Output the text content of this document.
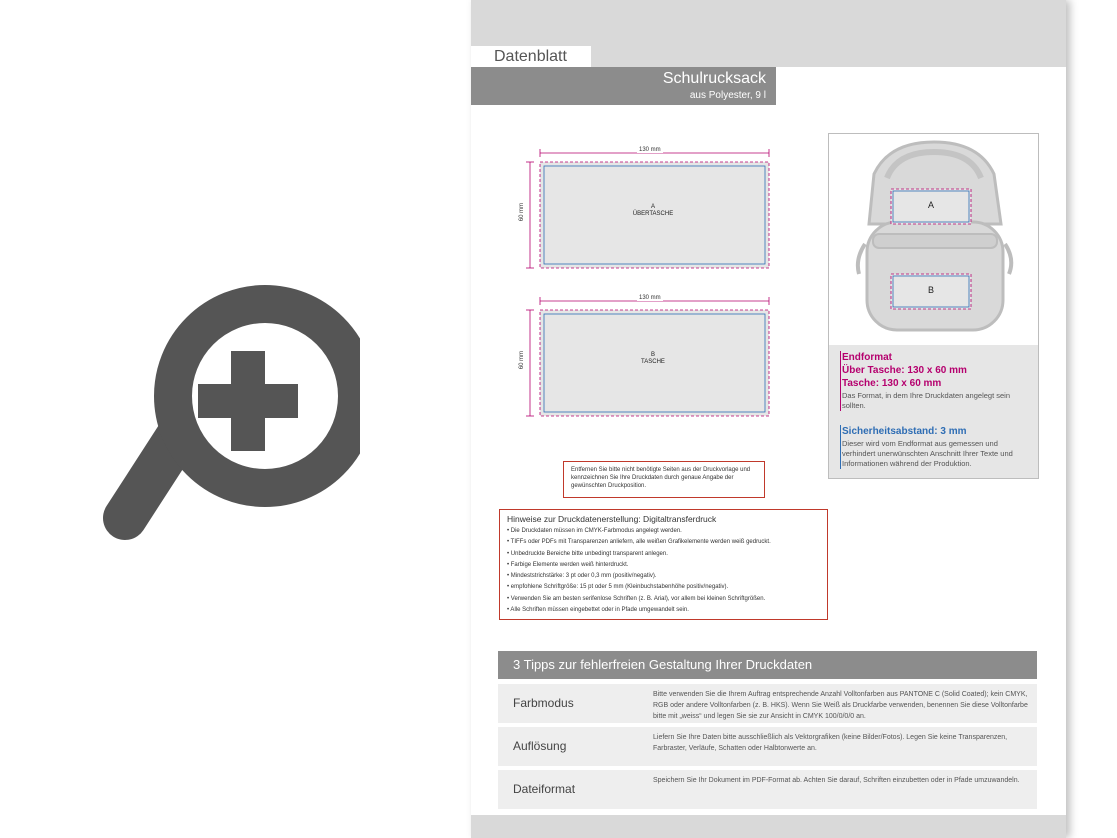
Datenblatt
Schulrucksack
aus Polyester, 9 l
130 mm
60 mm	A
ÜBERTASCHE
130 mm
60 mm	B
TASCHE
A
B
Endformat
Über Tasche: 130 x 60 mm
Tasche: 130 x 60 mm
Das Format, in dem Ihre Druckdaten angelegt sein sollten.
Sicherheitsabstand: 3 mm
Dieser wird vom Endformat aus gemessen und verhindert unerwünschten Anschnitt Ihrer Texte und Informationen während der Produktion.
Entfernen Sie bitte nicht benötigte Seiten aus der Druckvorlage und kennzeichnen Sie Ihre Druckdaten durch genaue Angabe der gewünschten Druckposition.
Hinweise zur Druckdatenerstellung: Digitaltransferdruck
• Die Druckdaten müssen im CMYK-Farbmodus angelegt werden.
• TIFFs oder PDFs mit Transparenzen anliefern, alle weißen Grafikelemente werden weiß gedruckt.
• Unbedruckte Bereiche bitte unbedingt transparent anlegen.
• Farbige Elemente werden weiß hinterdruckt.
• Mindeststrichstärke: 3 pt oder 0,3 mm (positiv/negativ).
• empfohlene Schriftgröße: 15 pt oder 5 mm (Kleinbuchstabenhöhe positiv/negativ).
• Verwenden Sie am besten serifenlose Schriften (z. B. Arial), vor allem bei kleinen Schriftgrößen.
• Alle Schriften müssen eingebettet oder in Pfade umgewandelt sein.
3 Tipps zur fehlerfreien Gestaltung Ihrer Druckdaten
Farbmodus
Bitte verwenden Sie die Ihrem Auftrag entsprechende Anzahl Volltonfarben aus PANTONE C (Solid Coated); kein CMYK, RGB oder andere Volltonfarben (z. B. HKS). Wenn Sie Weiß als Druckfarbe verwenden, benennen Sie diese Volltonfarbe bitte mit „weiss“ und legen Sie sie zur Ansicht in CMYK 100/0/0/0 an.
Auflösung
Liefern Sie Ihre Daten bitte ausschließlich als Vektorgrafiken (keine Bilder/Fotos). Legen Sie keine Transparenzen, Farbraster, Verläufe, Schatten oder Halbtonwerte an.
Dateiformat
Speichern Sie Ihr Dokument im PDF-Format ab. Achten Sie darauf, Schriften einzubetten oder in Pfade umzuwandeln.
